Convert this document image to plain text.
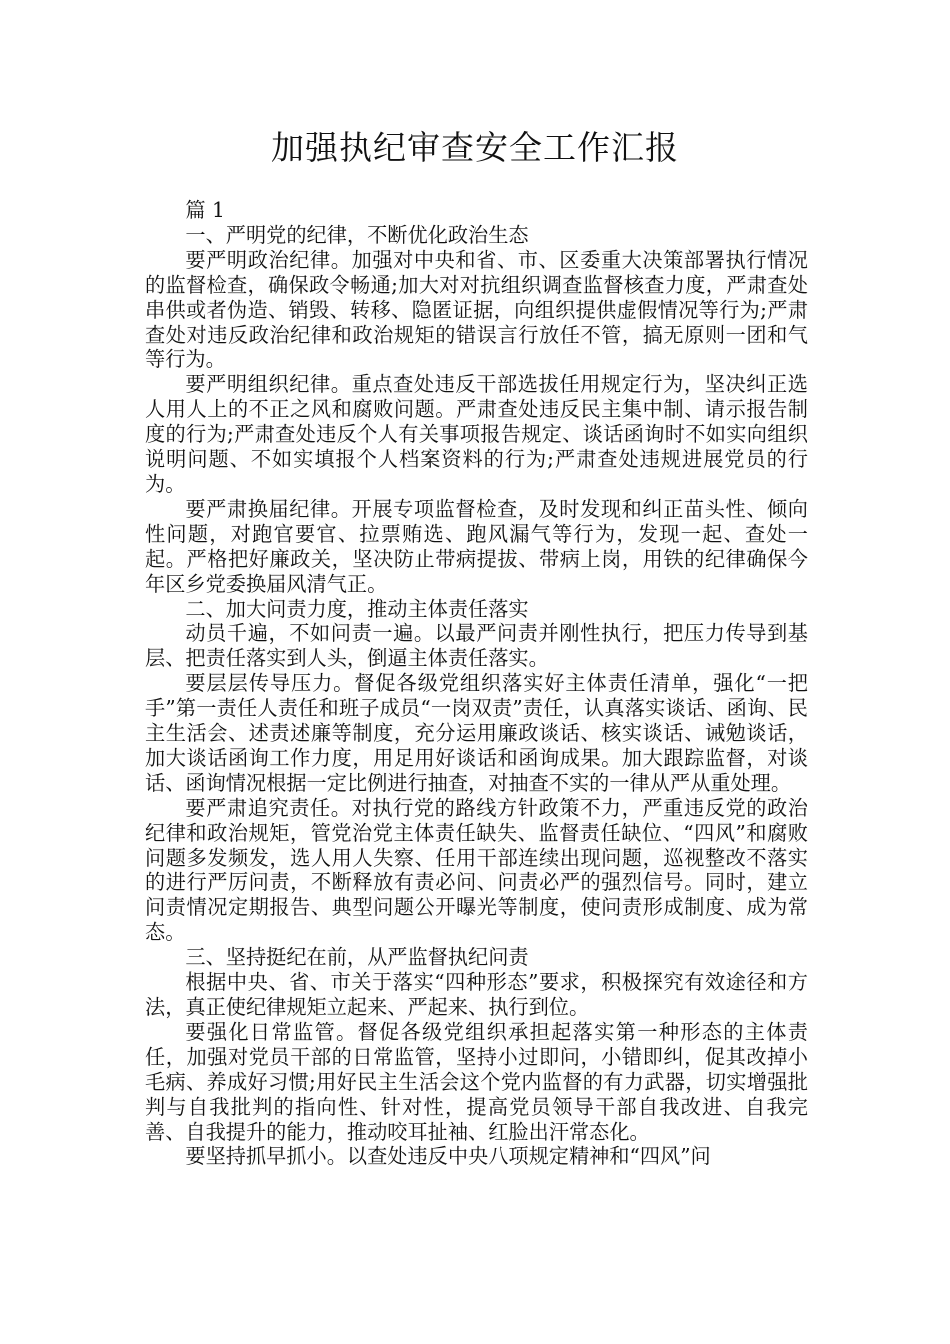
加强执纪审查安全工作汇报
篇 1
一、严明党的纪律，不断优化政治生态
要严明政治纪律。加强对中央和省、市、区委重大决策部署执行情况的监督检查，确保政令畅通;加大对对抗组织调查监督核查力度，严肃查处串供或者伪造、销毁、转移、隐匿证据，向组织提供虚假情况等行为;严肃查处对违反政治纪律和政治规矩的错误言行放任不管，搞无原则一团和气等行为。
要严明组织纪律。重点查处违反干部选拔任用规定行为，坚决纠正选人用人上的不正之风和腐败问题。严肃查处违反民主集中制、请示报告制度的行为;严肃查处违反个人有关事项报告规定、谈话函询时不如实向组织说明问题、不如实填报个人档案资料的行为;严肃查处违规进展党员的行为。
要严肃换届纪律。开展专项监督检查，及时发现和纠正苗头性、倾向性问题，对跑官要官、拉票贿选、跑风漏气等行为，发现一起、查处一起。严格把好廉政关，坚决防止带病提拔、带病上岗，用铁的纪律确保今年区乡党委换届风清气正。
二、加大问责力度，推动主体责任落实
动员千遍，不如问责一遍。以最严问责并刚性执行，把压力传导到基层、把责任落实到人头，倒逼主体责任落实。
要层层传导压力。督促各级党组织落实好主体责任清单，强化“一把手”第一责任人责任和班子成员“一岗双责”责任，认真落实谈话、函询、民主生活会、述责述廉等制度，充分运用廉政谈话、核实谈话、诫勉谈话，加大谈话函询工作力度，用足用好谈话和函询成果。加大跟踪监督，对谈话、函询情况根据一定比例进行抽查，对抽查不实的一律从严从重处理。
要严肃追究责任。对执行党的路线方针政策不力，严重违反党的政治纪律和政治规矩，管党治党主体责任缺失、监督责任缺位、“四风”和腐败问题多发频发，选人用人失察、任用干部连续出现问题，巡视整改不落实的进行严厉问责，不断释放有责必问、问责必严的强烈信号。同时，建立问责情况定期报告、典型问题公开曝光等制度，使问责形成制度、成为常态。
三、坚持挺纪在前，从严监督执纪问责
根据中央、省、市关于落实“四种形态”要求，积极探究有效途径和方法，真正使纪律规矩立起来、严起来、执行到位。
要强化日常监管。督促各级党组织承担起落实第一种形态的主体责任，加强对党员干部的日常监管，坚持小过即问，小错即纠，促其改掉小毛病、养成好习惯;用好民主生活会这个党内监督的有力武器，切实增强批判与自我批判的指向性、针对性，提高党员领导干部自我改进、自我完善、自我提升的能力，推动咬耳扯袖、红脸出汗常态化。
要坚持抓早抓小。以查处违反中央八项规定精神和“四风”问
